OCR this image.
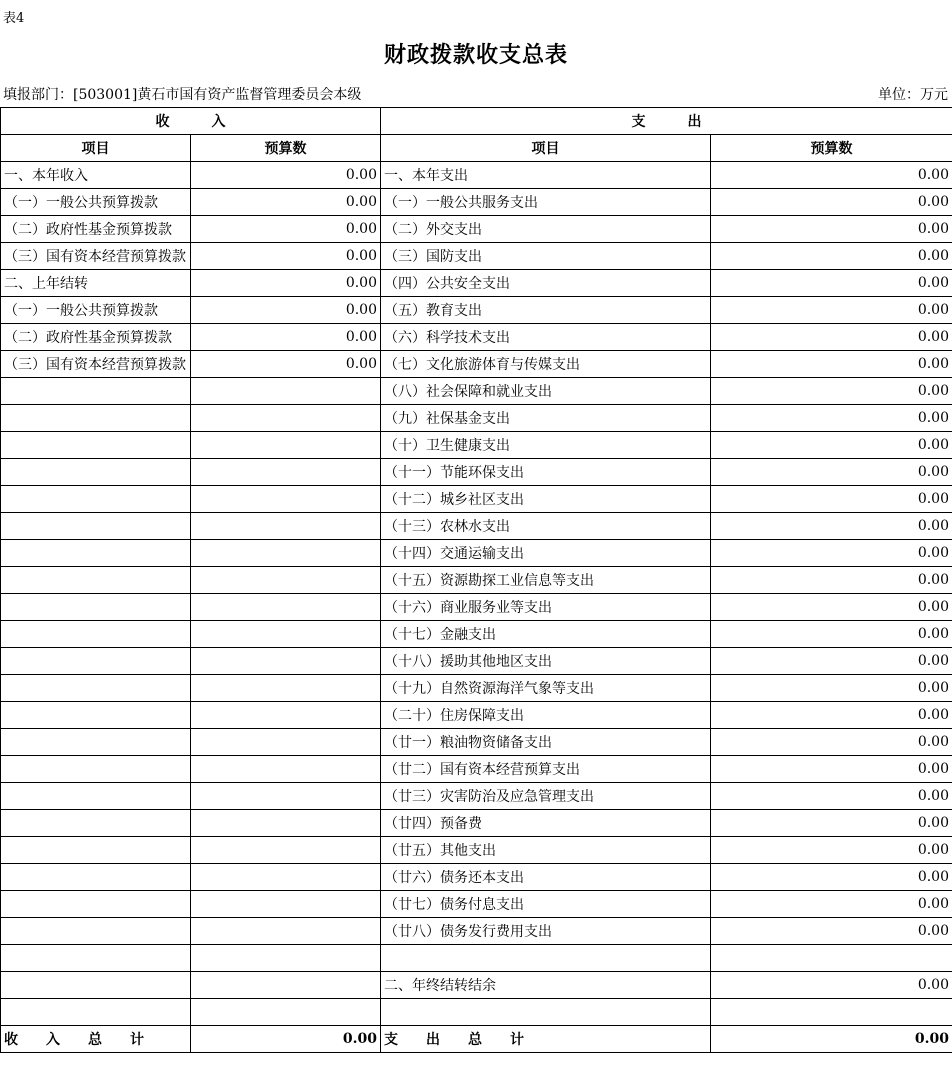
表4
财政拨款收支总表
填报部门：[503001]黄石市国有资产监督管理委员会本级	单位：万元
收　　　入		支　　　出	
项目	预算数	项目	预算数
一、本年收入	0.00	一、本年支出	0.00
（一）一般公共预算拨款	0.00	（一）一般公共服务支出	0.00
（二）政府性基金预算拨款	0.00	（二）外交支出	0.00
（三）国有资本经营预算拨款	0.00	（三）国防支出	0.00
二、上年结转	0.00	（四）公共安全支出	0.00
（一）一般公共预算拨款	0.00	（五）教育支出	0.00
（二）政府性基金预算拨款	0.00	（六）科学技术支出	0.00
（三）国有资本经营预算拨款	0.00	（七）文化旅游体育与传媒支出	0.00
		（八）社会保障和就业支出	0.00
		（九）社保基金支出	0.00
		（十）卫生健康支出	0.00
		（十一）节能环保支出	0.00
		（十二）城乡社区支出	0.00
		（十三）农林水支出	0.00
		（十四）交通运输支出	0.00
		（十五）资源勘探工业信息等支出	0.00
		（十六）商业服务业等支出	0.00
		（十七）金融支出	0.00
		（十八）援助其他地区支出	0.00
		（十九）自然资源海洋气象等支出	0.00
		（二十）住房保障支出	0.00
		（廿一）粮油物资储备支出	0.00
		（廿二）国有资本经营预算支出	0.00
		（廿三）灾害防治及应急管理支出	0.00
		（廿四）预备费	0.00
		（廿五）其他支出	0.00
		（廿六）债务还本支出	0.00
		（廿七）债务付息支出	0.00
		（廿八）债务发行费用支出	0.00

		二、年终结转结余	0.00

收　　入　　总　　计	0.00	支　　出　　总　　计	0.00
